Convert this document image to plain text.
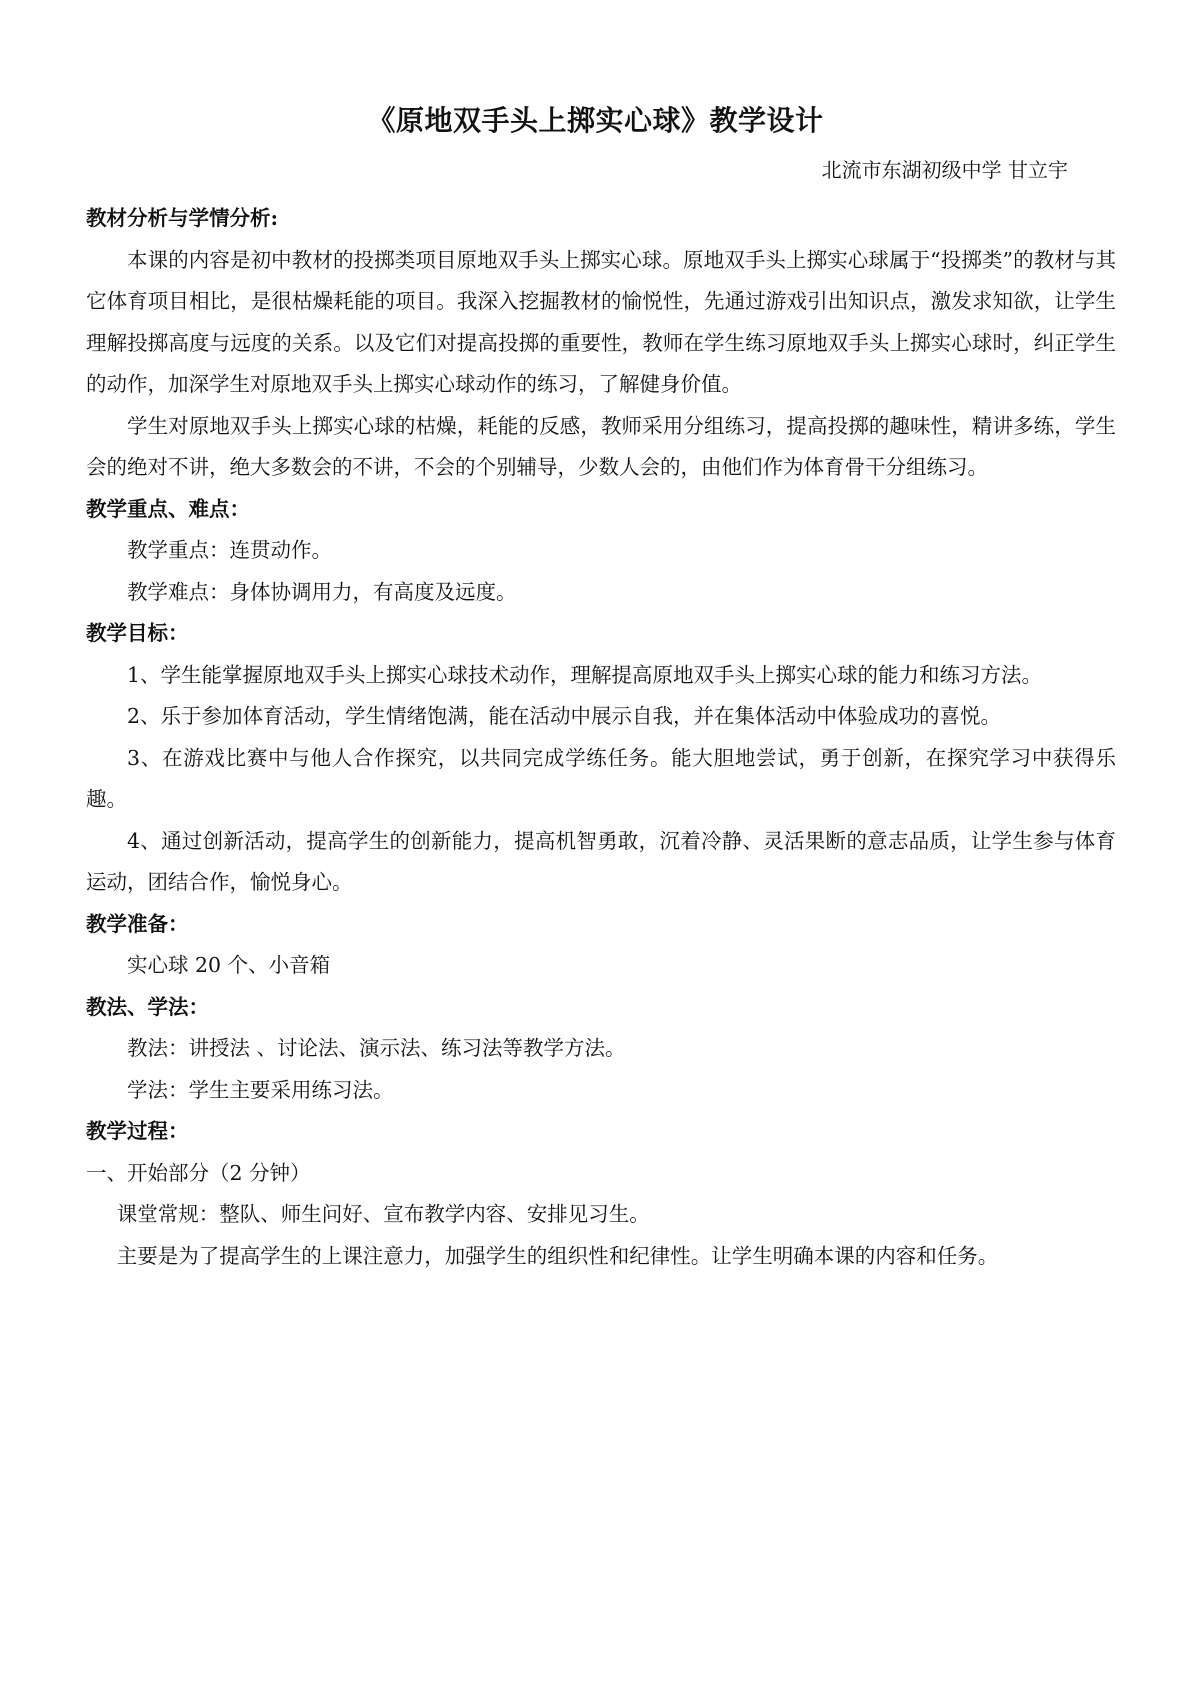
《原地双手头上掷实心球》教学设计
北流市东湖初级中学 甘立宇

教材分析与学情分析:

本课的内容是初中教材的投掷类项目原地双手头上掷实心球。原地双手头上掷实心球属于“投掷类”的教材与其它体育项目相比，是很枯燥耗能的项目。我深入挖掘教材的愉悦性，先通过游戏引出知识点，激发求知欲，让学生理解投掷高度与远度的关系。以及它们对提高投掷的重要性，教师在学生练习原地双手头上掷实心球时，纠正学生的动作，加深学生对原地双手头上掷实心球动作的练习，了解健身价值。

学生对原地双手头上掷实心球的枯燥，耗能的反感，教师采用分组练习，提高投掷的趣味性，精讲多练，学生会的绝对不讲，绝大多数会的不讲，不会的个别辅导，少数人会的，由他们作为体育骨干分组练习。

教学重点、难点：

教学重点：连贯动作。

教学难点：身体协调用力，有高度及远度。

教学目标：

1、学生能掌握原地双手头上掷实心球技术动作，理解提高原地双手头上掷实心球的能力和练习方法。

2、乐于参加体育活动，学生情绪饱满，能在活动中展示自我，并在集体活动中体验成功的喜悦。

3、在游戏比赛中与他人合作探究，以共同完成学练任务。能大胆地尝试，勇于创新，在探究学习中获得乐趣。

4、通过创新活动，提高学生的创新能力，提高机智勇敢，沉着冷静、灵活果断的意志品质，让学生参与体育运动，团结合作，愉悦身心。

教学准备：

实心球 20 个、小音箱

教法、学法：

教法：讲授法 、讨论法、演示法、练习法等教学方法。

学法：学生主要采用练习法。

教学过程：

一、开始部分（2 分钟）

课堂常规：整队、师生问好、宣布教学内容、安排见习生。

主要是为了提高学生的上课注意力，加强学生的组织性和纪律性。让学生明确本课的内容和任务。
